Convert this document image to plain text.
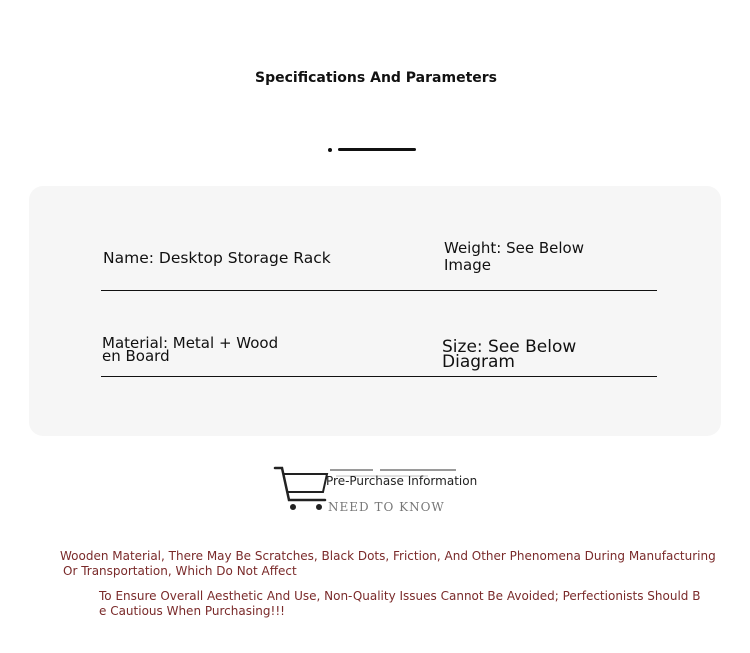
Specifications And Parameters
Name: Desktop Storage Rack
Weight: See Below
Image
Material: Metal + Wood
en Board	Size: See Below
Diagram
Pre-Purchase Information
NEED TO KNOW
Wooden Material, There May Be Scratches, Black Dots, Friction, And Other Phenomena During Manufacturing
Or Transportation, Which Do Not Affect
To Ensure Overall Aesthetic And Use, Non-Quality Issues Cannot Be Avoided; Perfectionists Should B
e Cautious When Purchasing!!!
